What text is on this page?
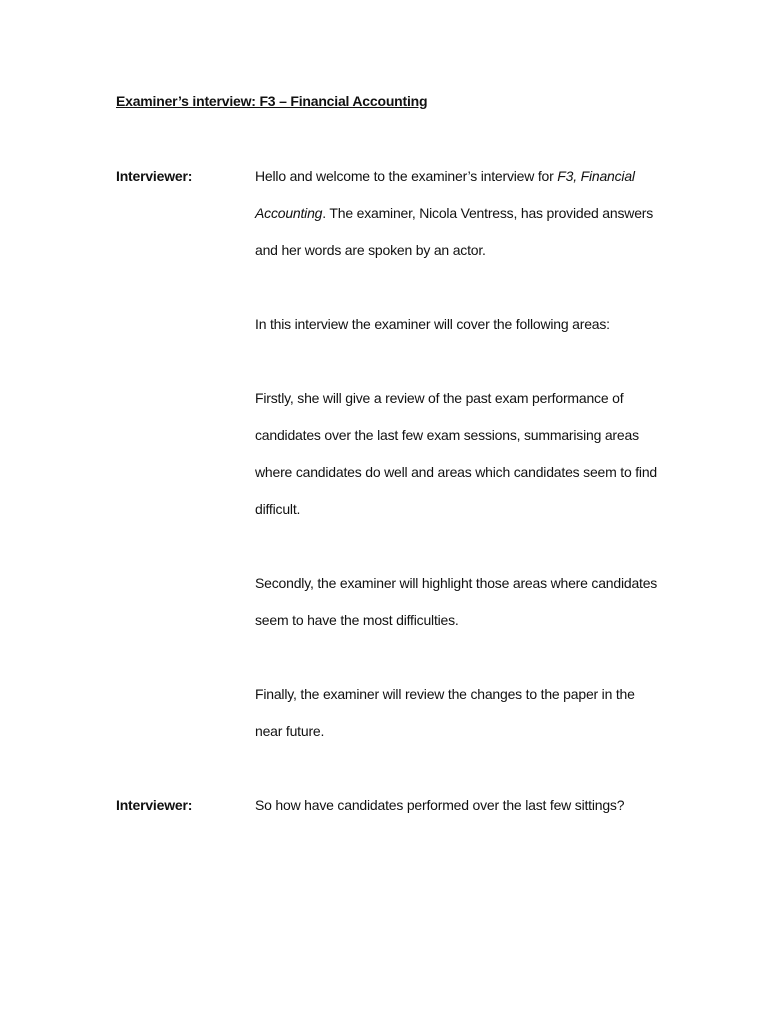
Examiner’s interview: F3 – Financial Accounting
Interviewer:	Hello and welcome to the examiner’s interview for F3, Financial
Accounting. The examiner, Nicola Ventress, has provided answers
and her words are spoken by an actor.
In this interview the examiner will cover the following areas:
Firstly, she will give a review of the past exam performance of
candidates over the last few exam sessions, summarising areas
where candidates do well and areas which candidates seem to find
difficult.
Secondly, the examiner will highlight those areas where candidates
seem to have the most difficulties.
Finally, the examiner will review the changes to the paper in the
near future.
Interviewer:	So how have candidates performed over the last few sittings?
